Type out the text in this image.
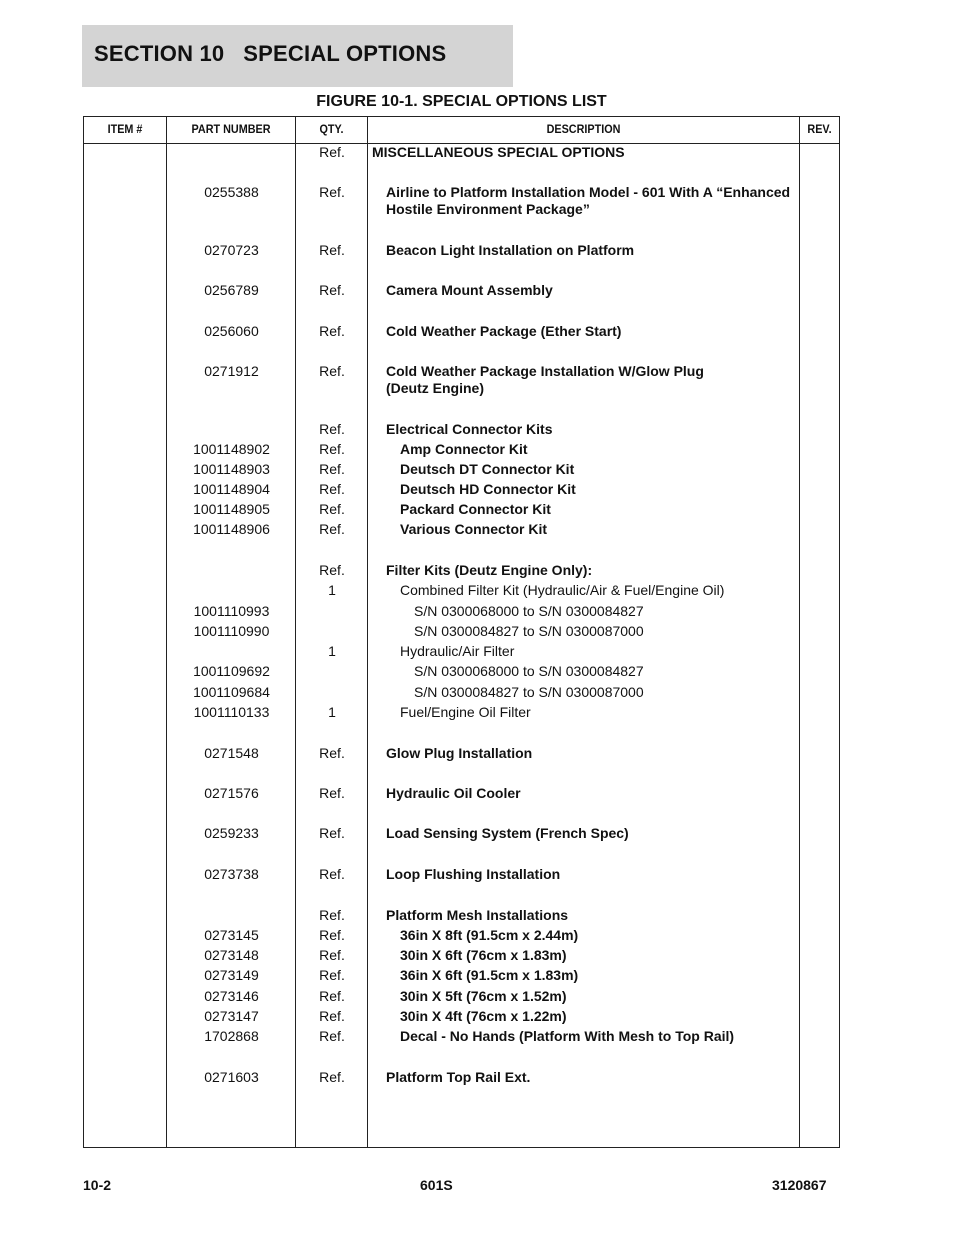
SECTION 10   SPECIAL OPTIONS
FIGURE 10-1. SPECIAL OPTIONS LIST
ITEM #	PART NUMBER	QTY.	DESCRIPTION	REV.
Ref.	MISCELLANEOUS SPECIAL OPTIONS
0255388	Ref.	Airline to Platform Installation Model - 601 With A “Enhanced
Hostile Environment Package”
0270723	Ref.	Beacon Light Installation on Platform
0256789	Ref.	Camera Mount Assembly
0256060	Ref.	Cold Weather Package (Ether Start)
0271912	Ref.	Cold Weather Package Installation W/Glow Plug
(Deutz Engine)
Ref.	Electrical Connector Kits
1001148902	Ref.	Amp Connector Kit
1001148903	Ref.	Deutsch DT Connector Kit
1001148904	Ref.	Deutsch HD Connector Kit
1001148905	Ref.	Packard Connector Kit
1001148906	Ref.	Various Connector Kit
Ref.	Filter Kits (Deutz Engine Only):
1	Combined Filter Kit (Hydraulic/Air & Fuel/Engine Oil)
1001110993	S/N 0300068000 to S/N 0300084827
1001110990	S/N 0300084827 to S/N 0300087000
1	Hydraulic/Air Filter
1001109692	S/N 0300068000 to S/N 0300084827
1001109684	S/N 0300084827 to S/N 0300087000
1001110133	1	Fuel/Engine Oil Filter
0271548	Ref.	Glow Plug Installation
0271576	Ref.	Hydraulic Oil Cooler
0259233	Ref.	Load Sensing System (French Spec)
0273738	Ref.	Loop Flushing Installation
Ref.	Platform Mesh Installations
0273145	Ref.	36in X 8ft (91.5cm x 2.44m)
0273148	Ref.	30in X 6ft (76cm x 1.83m)
0273149	Ref.	36in X 6ft (91.5cm x 1.83m)
0273146	Ref.	30in X 5ft (76cm x 1.52m)
0273147	Ref.	30in X 4ft (76cm x 1.22m)
1702868	Ref.	Decal - No Hands (Platform With Mesh to Top Rail)
0271603	Ref.	Platform Top Rail Ext.
10-2	601S	3120867
